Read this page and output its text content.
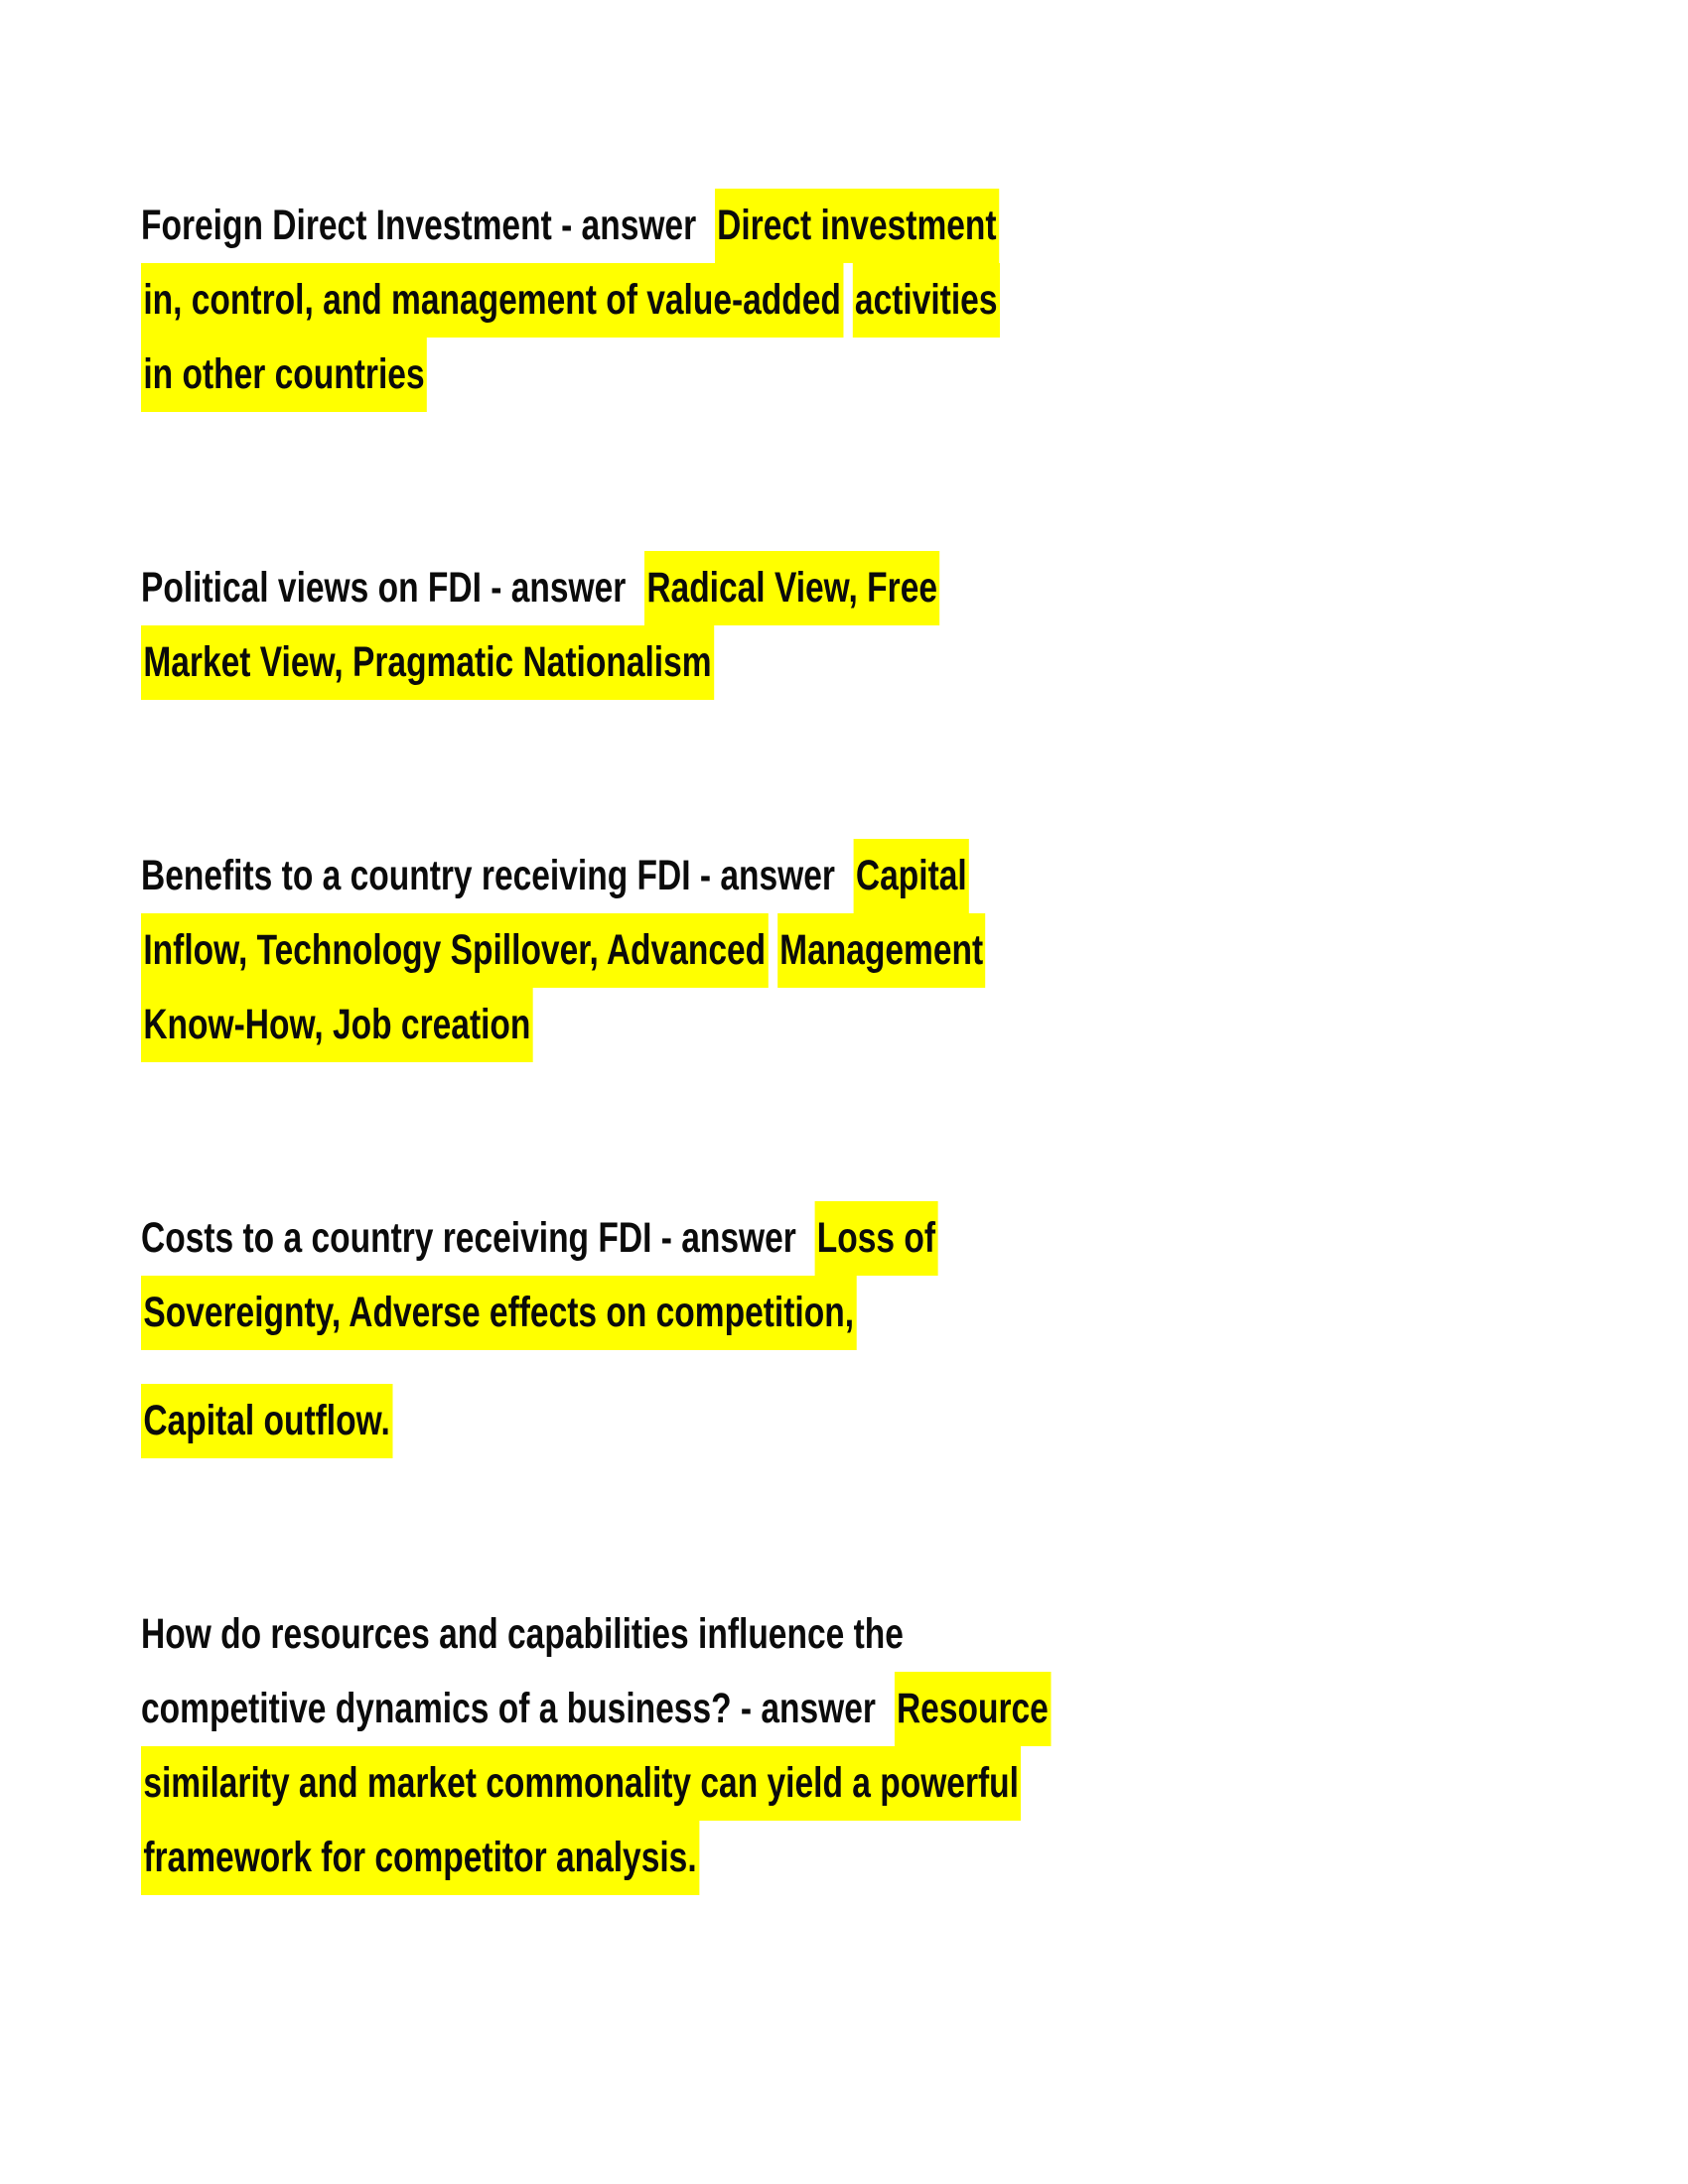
Foreign Direct Investment - answer  Direct investment
in, control, and management of value-added activities
in other countries
Political views on FDI - answer  Radical View, Free
Market View, Pragmatic Nationalism
Benefits to a country receiving FDI - answer  Capital
Inflow, Technology Spillover, Advanced Management
Know-How, Job creation
Costs to a country receiving FDI - answer  Loss of
Sovereignty, Adverse effects on competition,
Capital outflow.
How do resources and capabilities influence the
competitive dynamics of a business? - answer  Resource
similarity and market commonality can yield a powerful
framework for competitor analysis.
